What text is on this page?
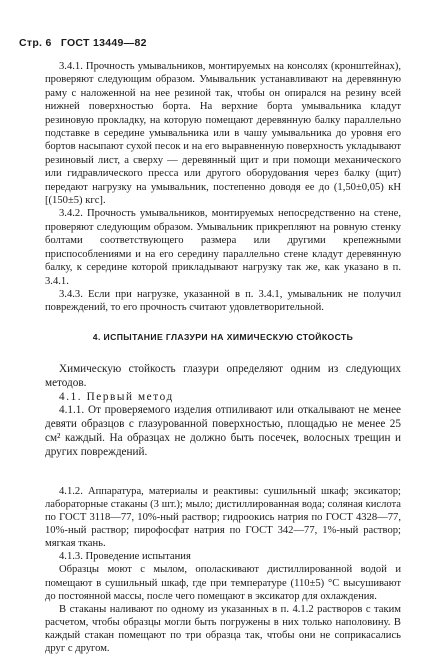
Стр. 6 ГОСТ 13449—82

3.4.1. Прочность умывальников, монтируемых на консолях (кронштейнах), проверяют следующим образом. Умывальник устанавливают на деревянную раму с наложенной на нее резиной так, чтобы он опирался на резину всей нижней поверхностью борта. На верхние борта умывальника кладут резиновую прокладку, на которую помещают деревянную балку параллельно подставке в середине умывальника или в чашу умывальника до уровня его бортов насыпают сухой песок и на его выравненную поверхность укладывают резиновый лист, а сверху — деревянный щит и при помощи механического или гидравлического пресса или другого оборудования через балку (щит) передают нагрузку на умывальник, постепенно доводя ее до (1,50±0,05) кН [(150±5) кгс].

3.4.2. Прочность умывальников, монтируемых непосредственно на стене, проверяют следующим образом. Умывальник прикрепляют на ровную стенку болтами соответствующего размера или другими крепежными приспособлениями и на его середину параллельно стене кладут деревянную балку, к середине которой прикладывают нагрузку так же, как указано в п. 3.4.1.

3.4.3. Если при нагрузке, указанной в п. 3.4.1, умывальник не получил повреждений, то его прочность считают удовлетворительной.

4. ИСПЫТАНИЕ ГЛАЗУРИ НА ХИМИЧЕСКУЮ СТОЙКОСТЬ

Химическую стойкость глазури определяют одним из следующих методов.

4.1. Первый метод

4.1.1. От проверяемого изделия отпиливают или откалывают не менее девяти образцов с глазурованной поверхностью, площадью не менее 25 см² каждый. На образцах не должно быть посечек, волосных трещин и других повреждений.

4.1.2. Аппаратура, материалы и реактивы: сушильный шкаф; эксикатор; лабораторные стаканы (3 шт.); мыло; дистиллированная вода; соляная кислота по ГОСТ 3118—77, 10%-ный раствор; гидроокись натрия по ГОСТ 4328—77, 10%-ный раствор; пирофосфат натрия по ГОСТ 342—77, 1%-ный раствор; мягкая ткань.

4.1.3. Проведение испытания

Образцы моют с мылом, ополаскивают дистиллированной водой и помещают в сушильный шкаф, где при температуре (110±5) °С высушивают до постоянной массы, после чего помещают в эксикатор для охлаждения.

В стаканы наливают по одному из указанных в п. 4.1.2 растворов с таким расчетом, чтобы образцы могли быть погружены в них только наполовину. В каждый стакан помещают по три образца так, чтобы они не соприкасались друг с другом.
